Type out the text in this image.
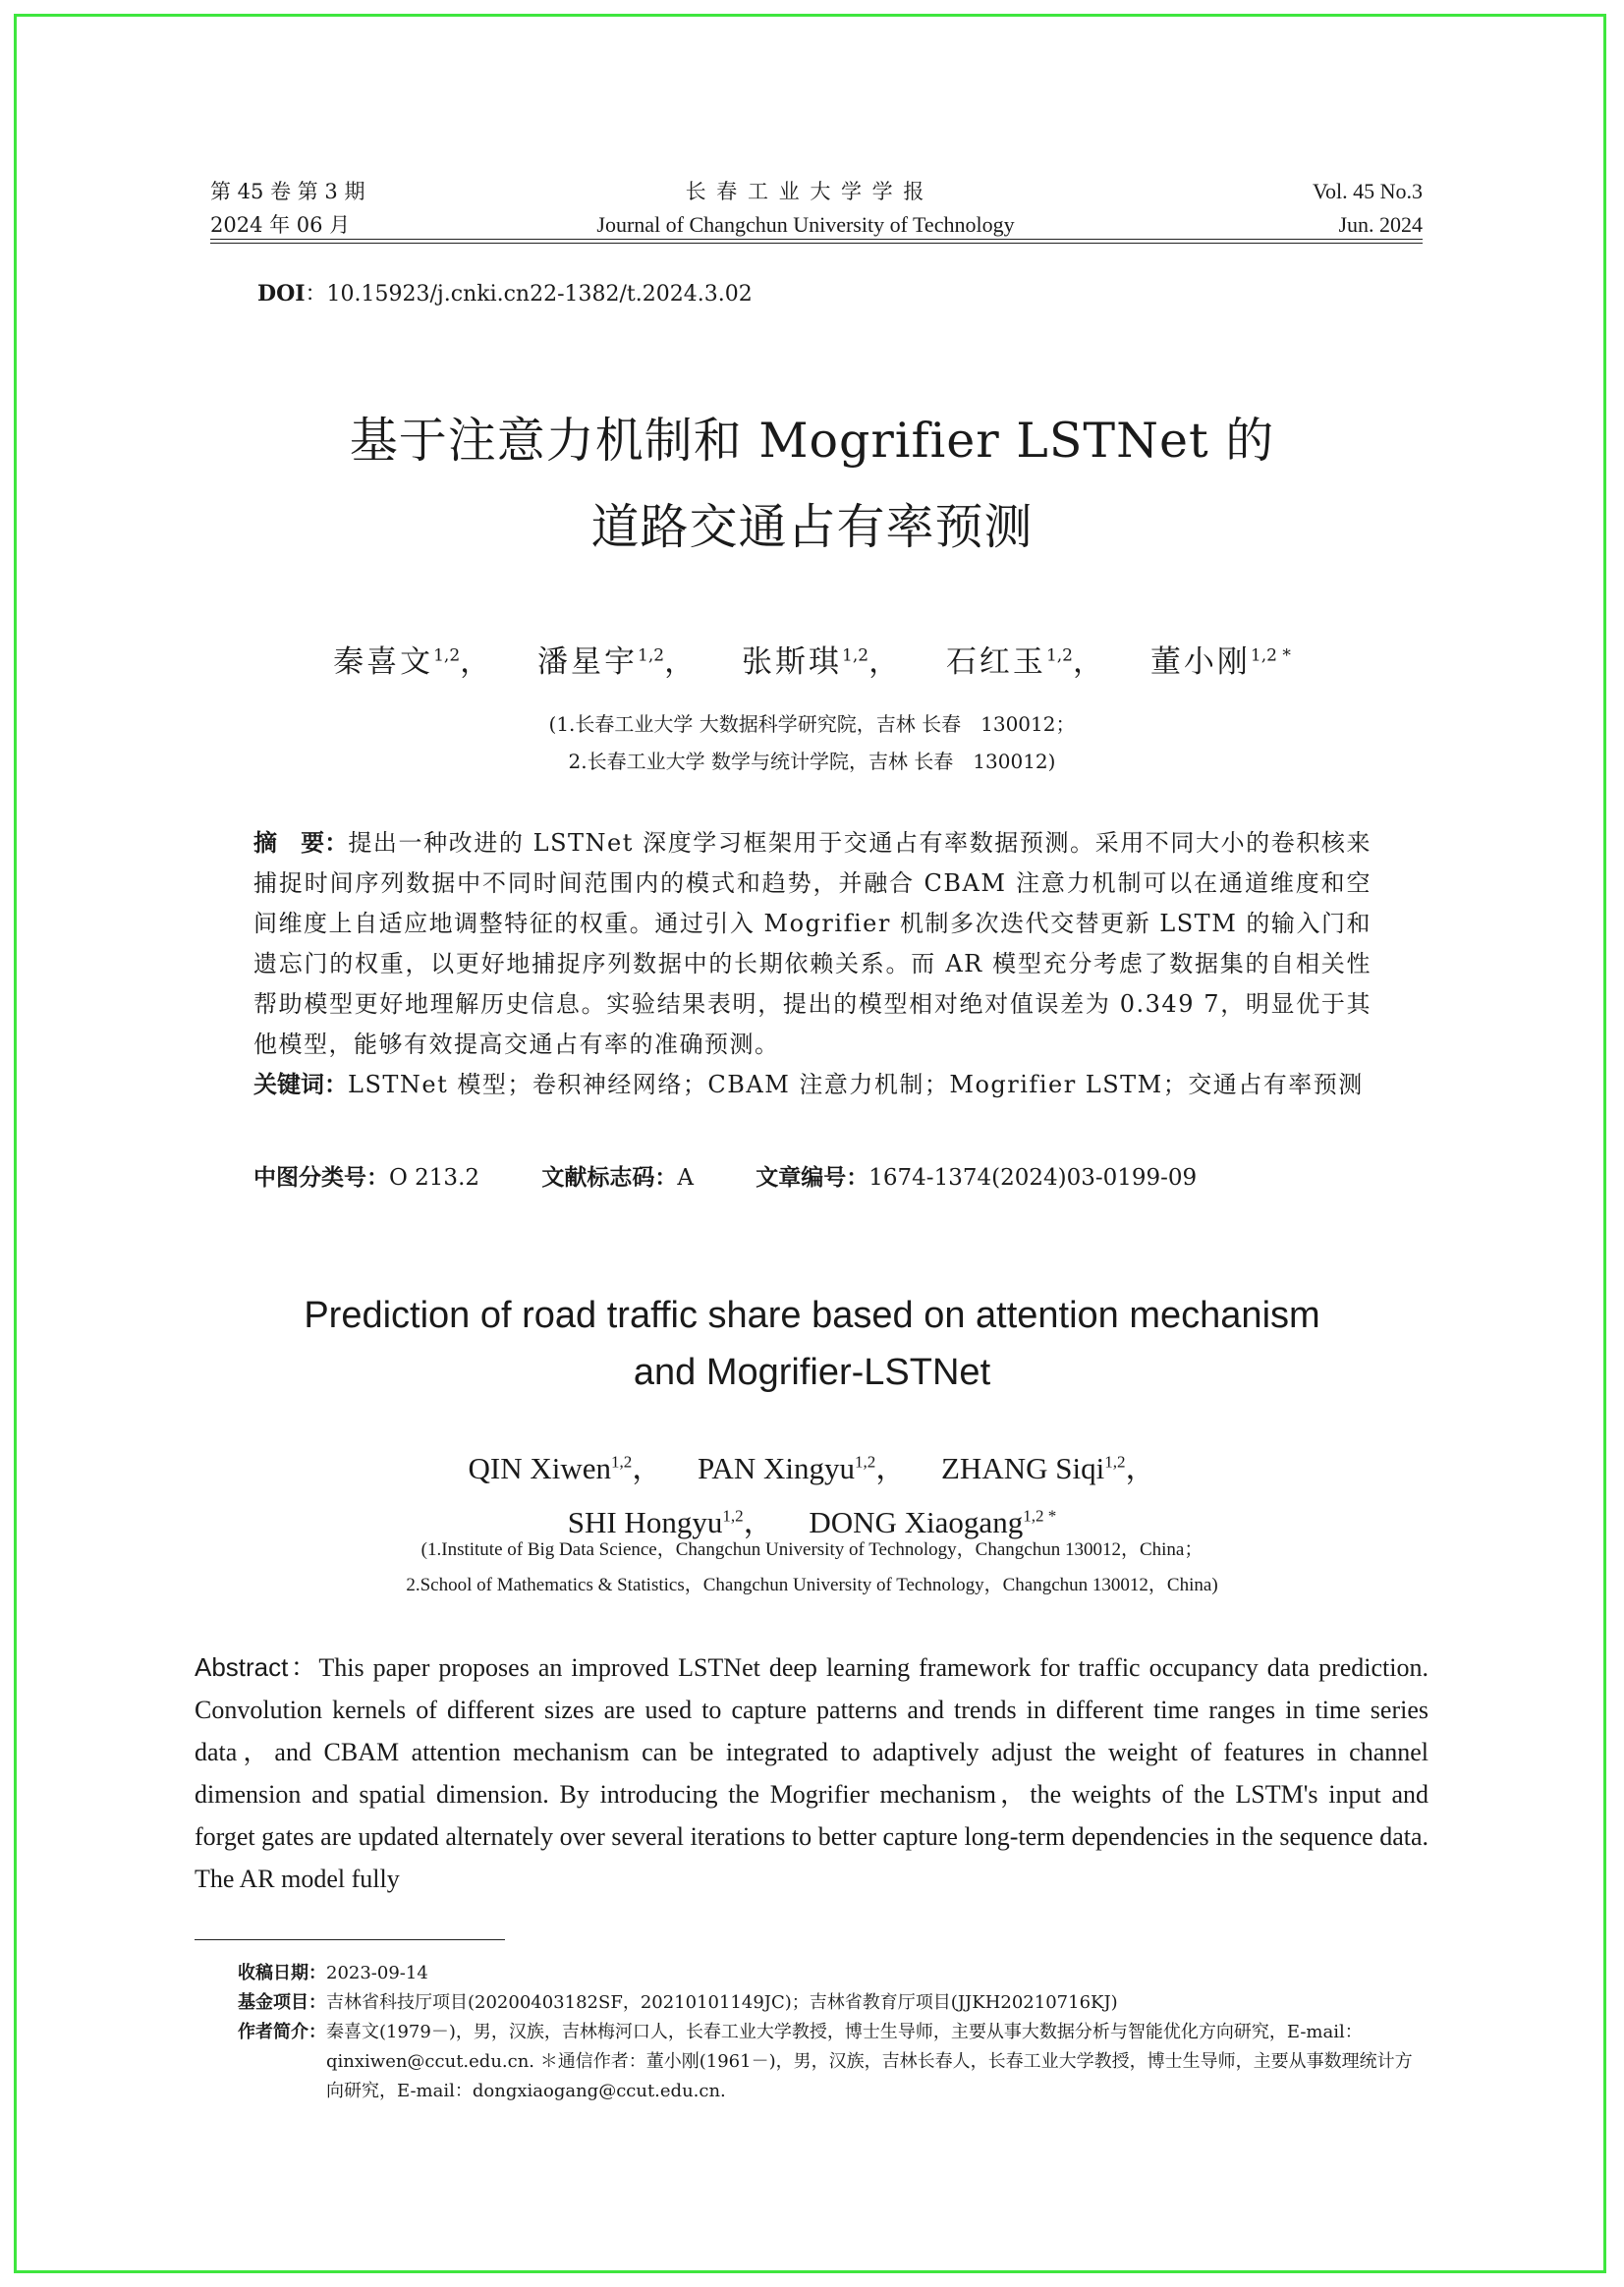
第 45 卷 第 3 期
2024 年 06 月
长 春 工 业 大 学 学 报
Journal of Changchun University of Technology
Vol. 45 No.3
Jun. 2024
DOI：10.15923/j.cnki.cn22-1382/t.2024.3.02
基于注意力机制和 Mogrifier LSTNet 的
道路交通占有率预测
秦喜文$^{1,2}$， 潘星宇$^{1,2}$， 张斯琪$^{1,2}$， 石红玉$^{1,2}$， 董小刚$^{1,2 *}$
(1.长春工业大学 大数据科学研究院，吉林 长春　130012；
2.长春工业大学 数学与统计学院，吉林 长春　130012)
摘　要：提出一种改进的 LSTNet 深度学习框架用于交通占有率数据预测。采用不同大小的卷积核来捕捉时间序列数据中不同时间范围内的模式和趋势，并融合 CBAM 注意力机制可以在通道维度和空间维度上自适应地调整特征的权重。通过引入 Mogrifier 机制多次迭代交替更新 LSTM 的输入门和遗忘门的权重，以更好地捕捉序列数据中的长期依赖关系。而 AR 模型充分考虑了数据集的自相关性帮助模型更好地理解历史信息。实验结果表明，提出的模型相对绝对值误差为 0.349 7，明显优于其他模型，能够有效提高交通占有率的准确预测。
关键词：LSTNet 模型；卷积神经网络；CBAM 注意力机制；Mogrifier LSTM；交通占有率预测
中图分类号：O 213.2	文献标志码：A	文章编号：1674-1374(2024)03-0199-09
Prediction of road traffic share based on attention mechanism
and Mogrifier-LSTNet
QIN Xiwen$^{1,2}$， PAN Xingyu$^{1,2}$， ZHANG Siqi$^{1,2}$，
SHI Hongyu$^{1,2}$， DONG Xiaogang$^{1,2 *}$
(1.Institute of Big Data Science，Changchun University of Technology，Changchun 130012，China；
2.School of Mathematics & Statistics，Changchun University of Technology，Changchun 130012，China)
Abstract：This paper proposes an improved LSTNet deep learning framework for traffic occupancy data prediction. Convolution kernels of different sizes are used to capture patterns and trends in different time ranges in time series data，and CBAM attention mechanism can be integrated to adaptively adjust the weight of features in channel dimension and spatial dimension. By introducing the Mogrifier mechanism，the weights of the LSTM's input and forget gates are updated alternately over several iterations to better capture long-term dependencies in the sequence data. The AR model fully
收稿日期： 2023-09-14
基金项目： 吉林省科技厅项目(20200403182SF，20210101149JC)；吉林省教育厅项目(JJKH20210716KJ)
作者简介： 秦喜文(1979－)，男，汉族，吉林梅河口人，长春工业大学教授，博士生导师，主要从事大数据分析与智能优化方向研究，E-mail：qinxiwen@ccut.edu.cn. ＊通信作者：董小刚(1961－)，男，汉族，吉林长春人，长春工业大学教授，博士生导师，主要从事数理统计方向研究，E-mail：dongxiaogang@ccut.edu.cn.
